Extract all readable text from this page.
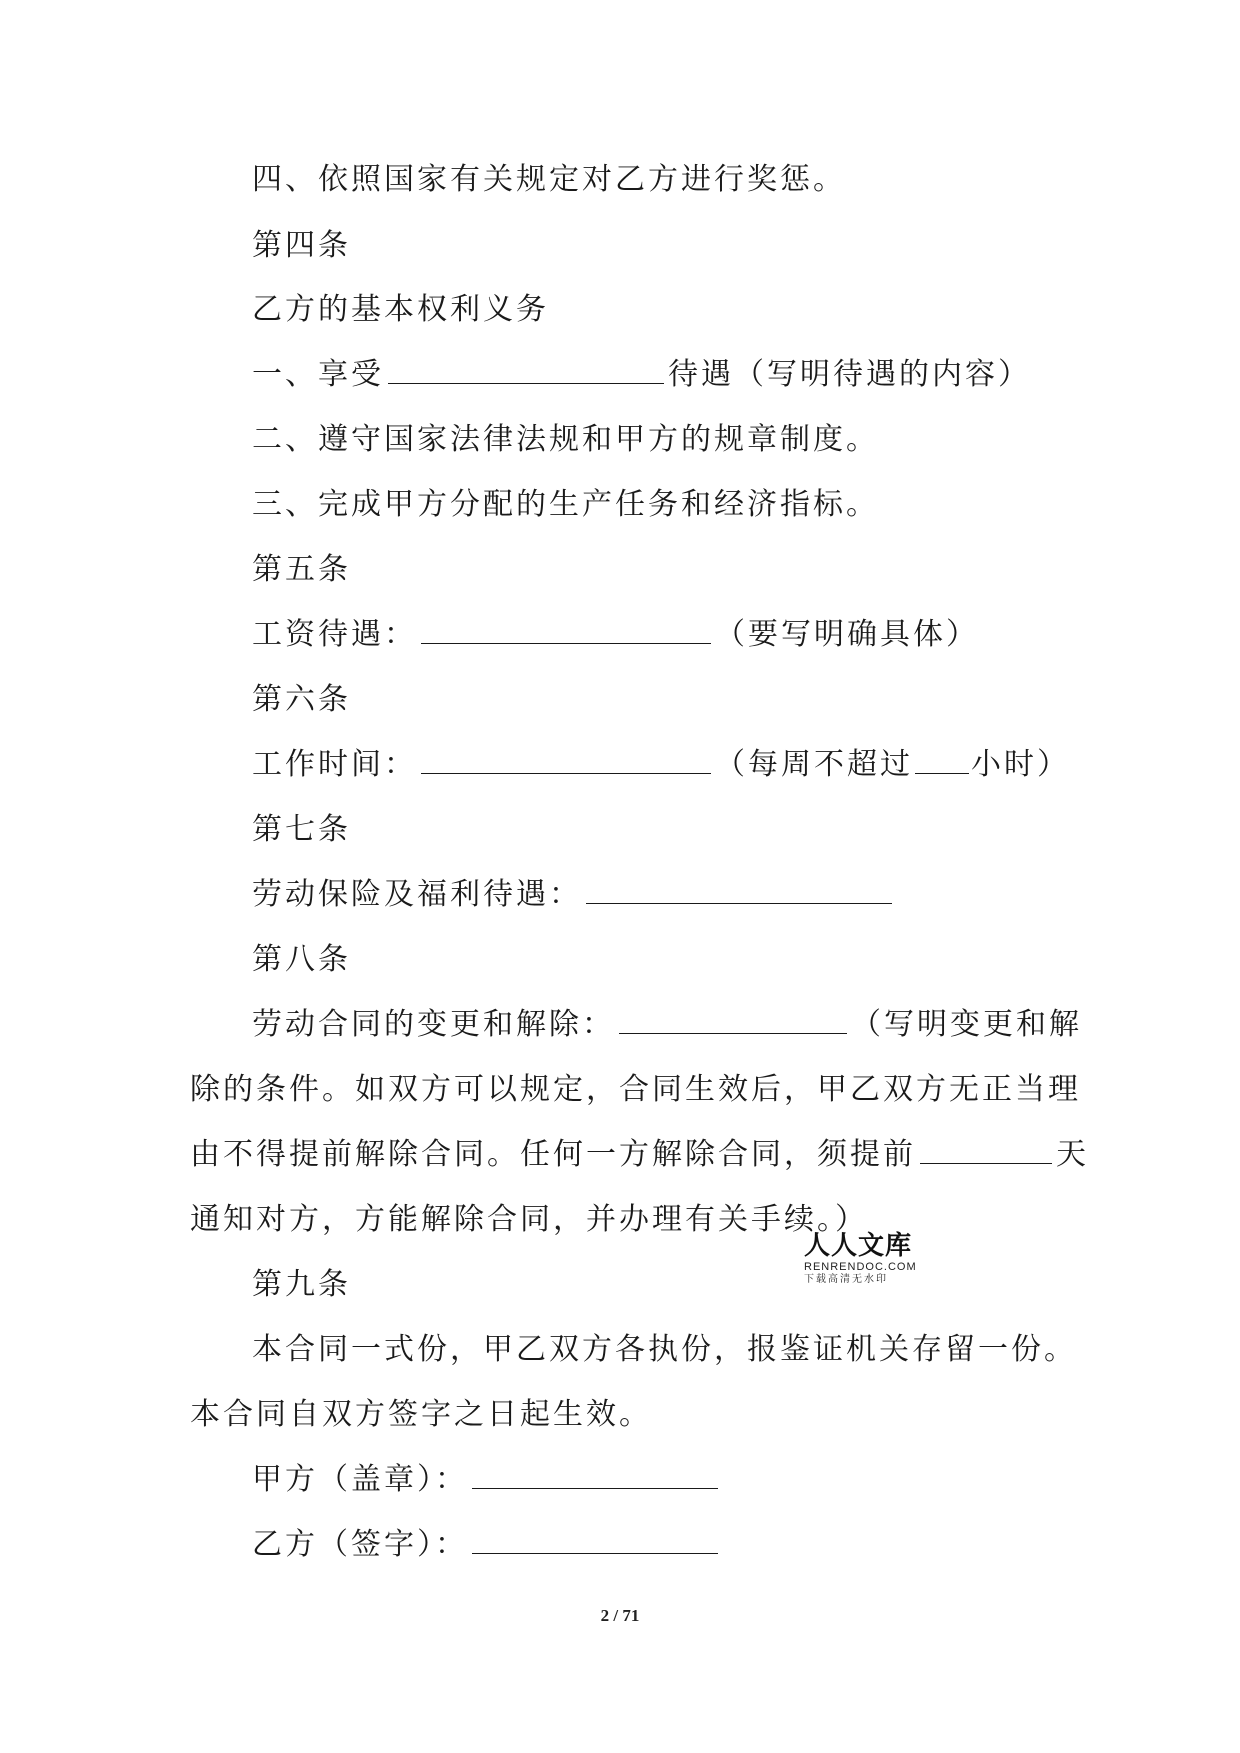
四、依照国家有关规定对乙方进行奖惩。
第四条
乙方的基本权利义务
一、享受	待遇（写明待遇的内容）
二、遵守国家法律法规和甲方的规章制度。
三、完成甲方分配的生产任务和经济指标。
第五条
工资待遇：	（要写明确具体）
第六条
工作时间：	（每周不超过 小时）
第七条
劳动保险及福利待遇：
第八条
劳动合同的变更和解除：	（写明变更和解
除的条件。如双方可以规定，合同生效后，甲乙双方无正当理
由不得提前解除合同。任何一方解除合同，须提前	天
通知对方，方能解除合同，并办理有关手续。）
第九条
本合同一式份，甲乙双方各执份，报鉴证机关存留一份。
本合同自双方签字之日起生效。
甲方（盖章）：
乙方（签字）：
人人文库
RENRENDOC.COM
下载高清无水印
2 / 71
